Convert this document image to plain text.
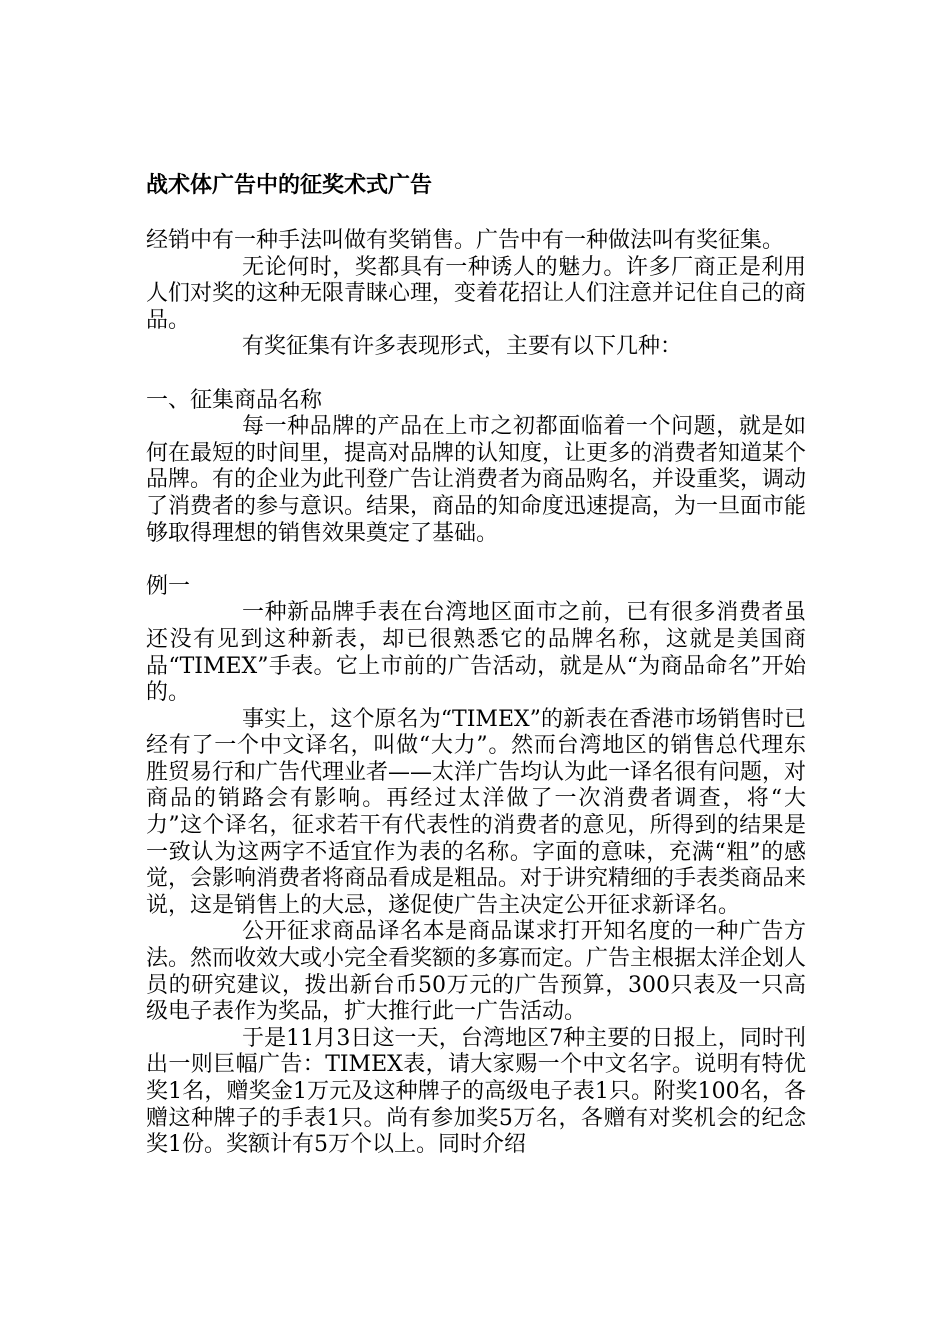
战术体广告中的征奖术式广告

经销中有一种手法叫做有奖销售。广告中有一种做法叫有奖征集。

无论何时，奖都具有一种诱人的魅力。许多厂商正是利用人们对奖的这种无限青睐心理，变着花招让人们注意并记住自己的商品。

有奖征集有许多表现形式，主要有以下几种：

一、征集商品名称

每一种品牌的产品在上市之初都面临着一个问题，就是如何在最短的时间里，提高对品牌的认知度，让更多的消费者知道某个品牌。有的企业为此刊登广告让消费者为商品购名，并设重奖，调动了消费者的参与意识。结果，商品的知命度迅速提高，为一旦面市能够取得理想的销售效果奠定了基础。

例一

一种新品牌手表在台湾地区面市之前，已有很多消费者虽还没有见到这种新表，却已很熟悉它的品牌名称，这就是美国商品“TIMEX”手表。它上市前的广告活动，就是从“为商品命名”开始的。

事实上，这个原名为“TIMEX”的新表在香港市场销售时已经有了一个中文译名，叫做“大力”。然而台湾地区的销售总代理东胜贸易行和广告代理业者——太洋广告均认为此一译名很有问题，对商品的销路会有影响。再经过太洋做了一次消费者调查，将“大力”这个译名，征求若干有代表性的消费者的意见，所得到的结果是一致认为这两字不适宜作为表的名称。字面的意味，充满“粗”的感觉，会影响消费者将商品看成是粗品。对于讲究精细的手表类商品来说，这是销售上的大忌，遂促使广告主决定公开征求新译名。

公开征求商品译名本是商品谋求打开知名度的一种广告方法。然而收效大或小完全看奖额的多寡而定。广告主根据太洋企划人员的研究建议，拨出新台币50万元的广告预算，300只表及一只高级电子表作为奖品，扩大推行此一广告活动。

于是11月3日这一天，台湾地区7种主要的日报上，同时刊出一则巨幅广告：TIMEX表，请大家赐一个中文名字。说明有特优奖1名，赠奖金1万元及这种牌子的高级电子表1只。附奖100名，各赠这种牌子的手表1只。尚有参加奖5万名，各赠有对奖机会的纪念奖1份。奖额计有5万个以上。同时介绍
